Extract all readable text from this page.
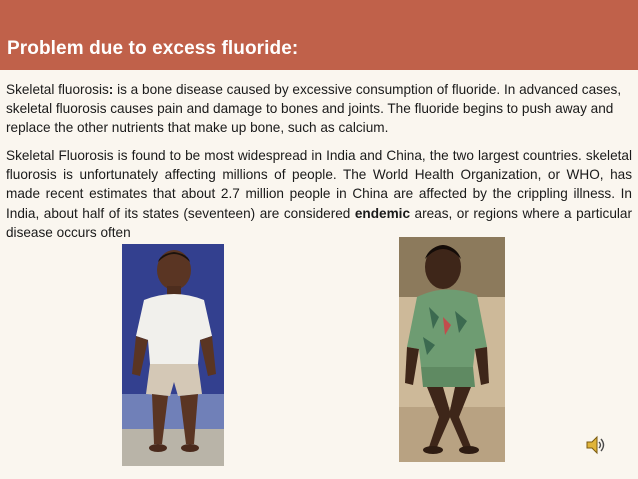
Problem due to excess fluoride:

Skeletal fluorosis: is a bone disease caused by excessive consumption of fluoride. In advanced cases, skeletal fluorosis causes pain and damage to bones and joints. The fluoride begins to push away and replace the other nutrients that make up bone, such as calcium.

Skeletal Fluorosis is found to be most widespread in India and China, the two largest countries. skeletal fluorosis is unfortunately affecting millions of people. The World Health Organization, or WHO, has made recent estimates that about 2.7 million people in China are affected by the crippling illness. In India, about half of its states (seventeen) are considered endemic areas, or regions where a particular disease occurs often
